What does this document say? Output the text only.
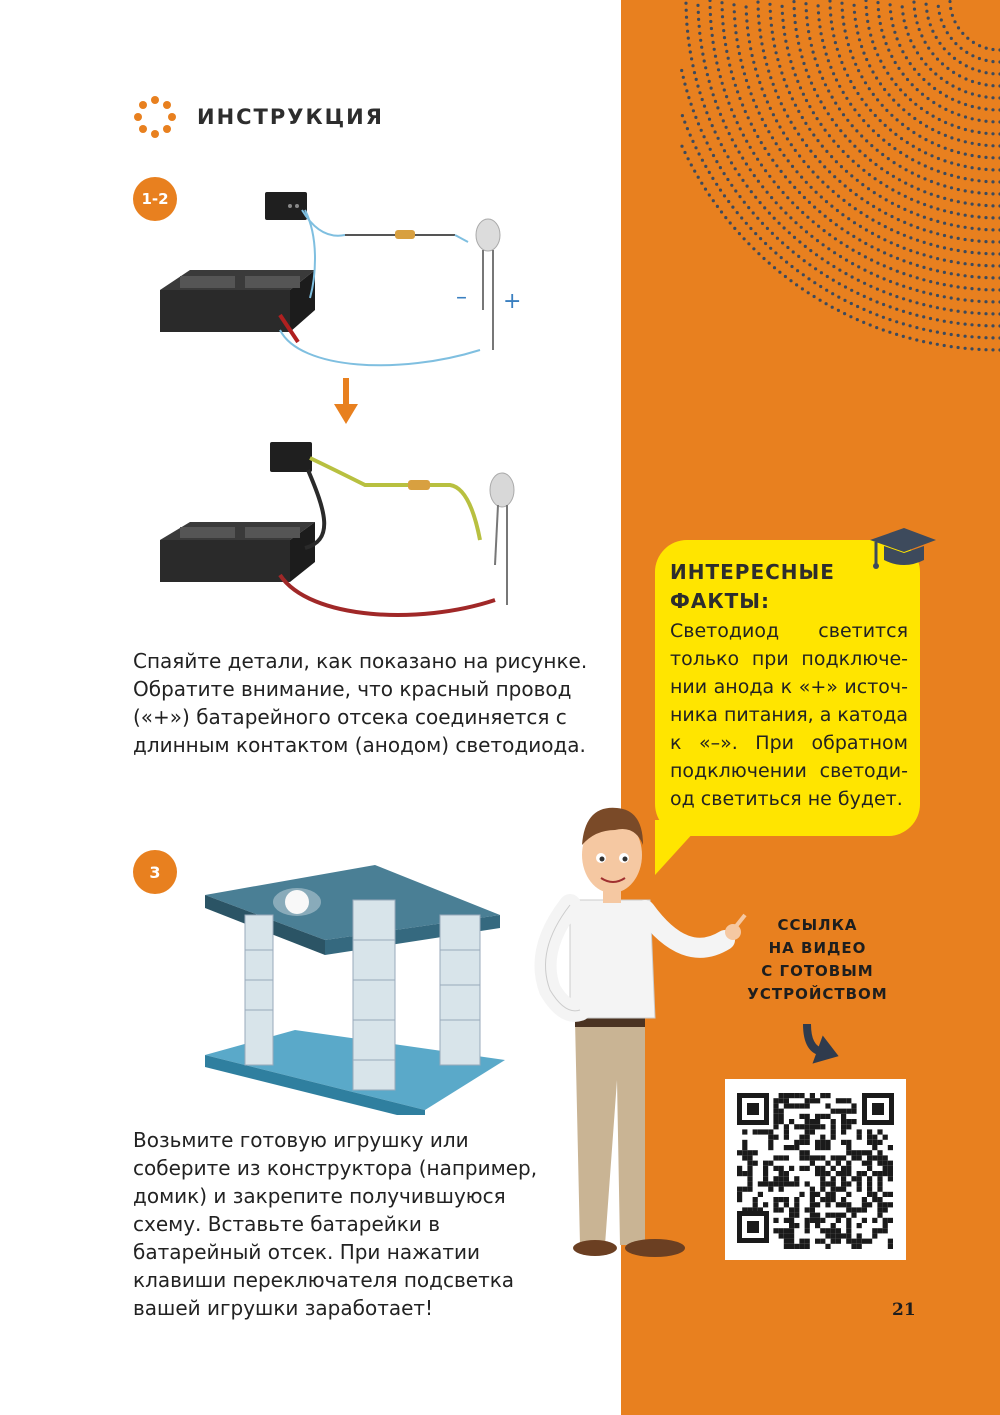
ИНСТРУКЦИЯ
1-2
– +

Спаяйте детали, как показано на рисунке.
Обратите внимание, что красный провод
(«+») батарейного отсека соединяется с
длинным контактом (анодом) светодиода.

3

Возьмите готовую игрушку или
соберите из конструктора (например,
домик) и закрепите получившуюся
схему. Вставьте батарейки в
батарейный отсек. При нажатии
клавиши переключателя подсветка
вашей игрушки заработает!

ИНТЕРЕСНЫЕ
ФАКТЫ:
Светодиод светится только при подключе-нии анода к «+» источ-ника питания, а катода к «–». При обратном подключении светоди-од светиться не будет.
ССЫЛКА
НА ВИДЕО
С ГОТОВЫМ
УСТРОЙСТВОМ
21
